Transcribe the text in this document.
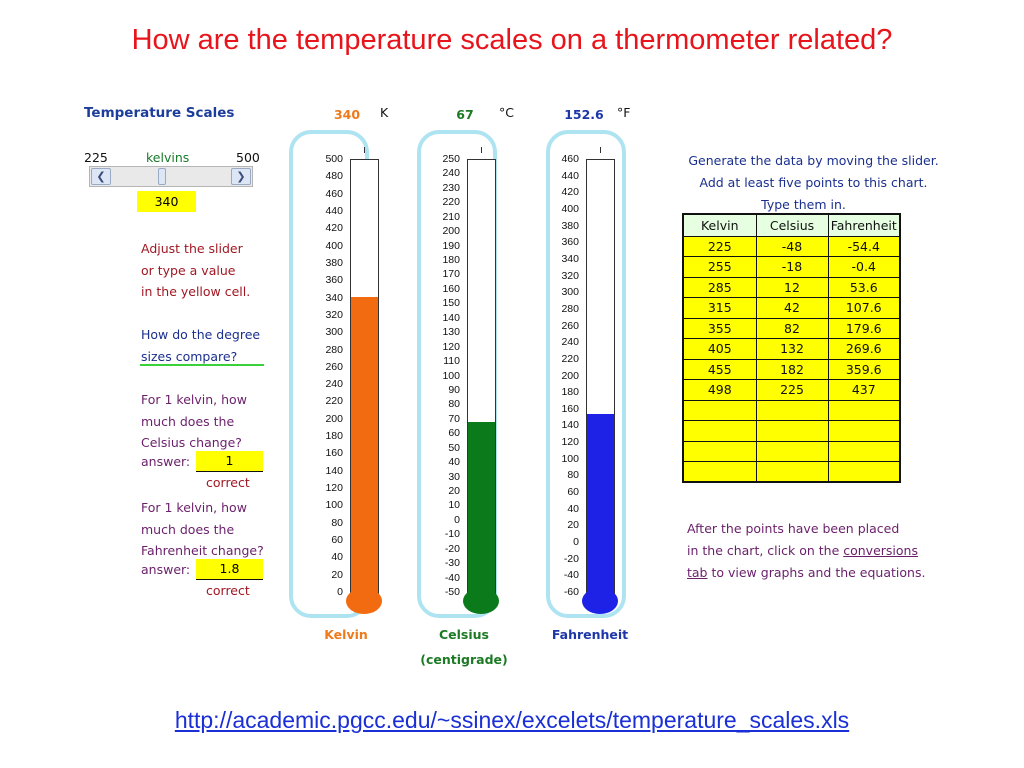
How are the temperature scales on a thermometer related?
Temperature Scales
225	kelvins	500
❮	❯
340
Adjust the slider
or type a value
in the yellow cell.
How do the degree
sizes compare?
For 1 kelvin, how
much does the
Celsius change?
answer:	1
correct
For 1 kelvin, how
much does the
Fahrenheit change?
answer:	1.8
correct
340	K
500
480
460
440
420
400
380
360
340
320
300
280
260
240
220
200
180
160
140
120
100
80
60
40
20
0
Kelvin
67	°C
250
240
230
220
210
200
190
180
170
160
150
140
130
120
110
100
90
80
70
60
50
40
30
20
10
0
-10
-20
-30
-40
-50
Celsius
(centigrade)
152.6 °F
460
440
420
400
380
360
340
320
300
280
260
240
220
200
180
160
140
120
100
80
60
40
20
0
-20
-40
-60
Fahrenheit
Generate the data by moving the slider.
Add at least five points to this chart.
Type them in.
Kelvin	Celsius	Fahrenheit
225	-48	-54.4
255	-18	-0.4
285	12	53.6
315	42	107.6
355	82	179.6
405	132	269.6
455	182	359.6
498	225	437

After the points have been placed
in the chart, click on the conversions
tab to view graphs and the equations.
http://academic.pgcc.edu/~ssinex/excelets/temperature_scales.xls
